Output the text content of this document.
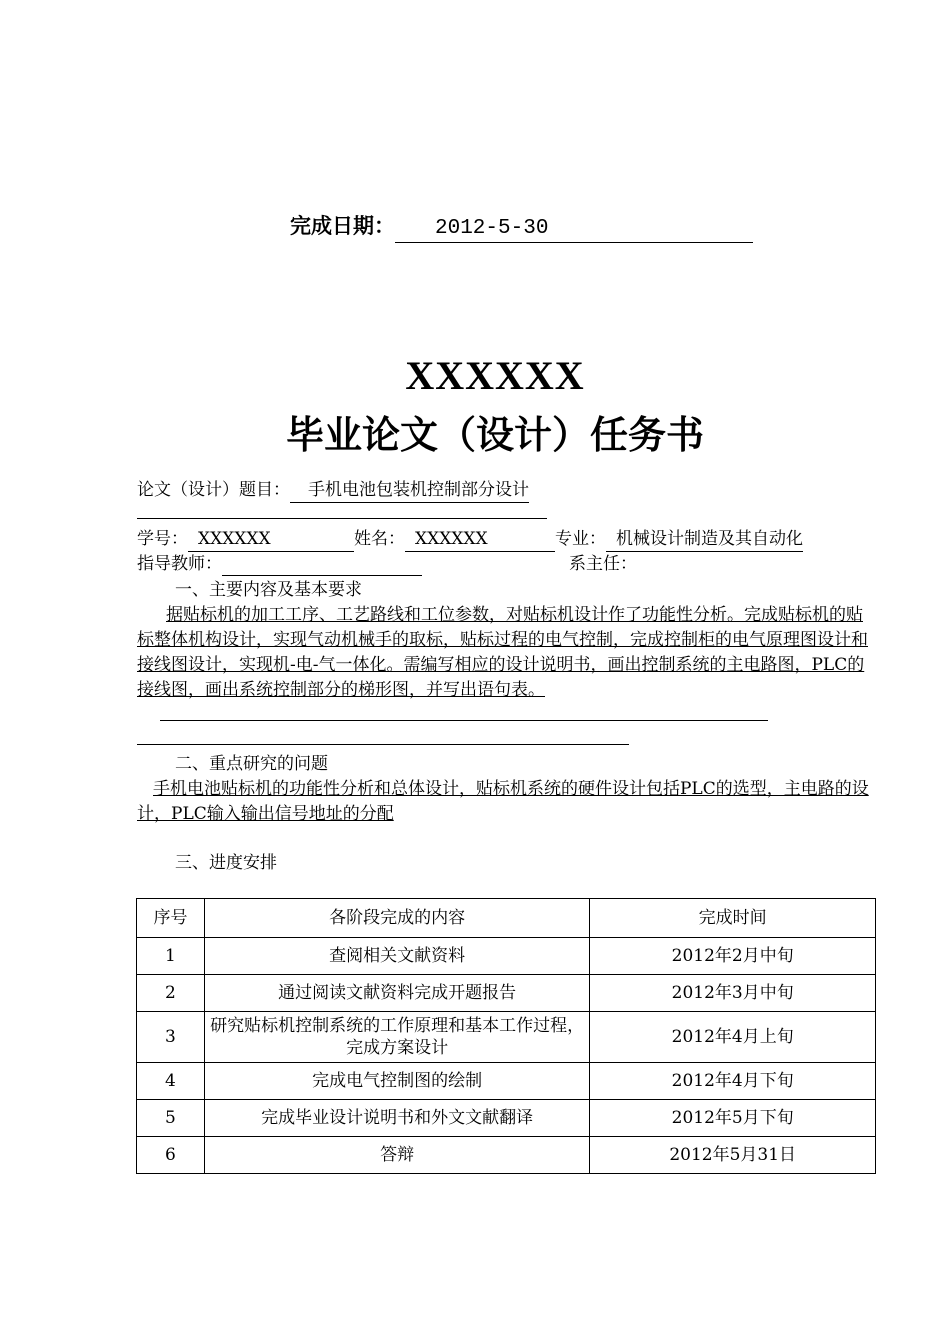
完成日期： 2012-5-30
XXXXXX
毕业论文（设计）任务书
论文（设计）题目： 手机电池包装机控制部分设计
学号： XXXXXX	姓名： XXXXXX	专业： 机械设计制造及其自动化
指导教师：	系主任：
一、主要内容及基本要求
据贴标机的加工工序、工艺路线和工位参数，对贴标机设计作了功能性分析。完成贴标机的贴标整体机构设计，实现气动机械手的取标，贴标过程的电气控制，完成控制柜的电气原理图设计和接线图设计，实现机-电-气一体化。需编写相应的设计说明书，画出控制系统的主电路图，PLC的接线图，画出系统控制部分的梯形图，并写出语句表。
二、重点研究的问题
手机电池贴标机的功能性分析和总体设计，贴标机系统的硬件设计包括PLC的选型，主电路的设计，PLC输入输出信号地址的分配
三、进度安排
序号	各阶段完成的内容	完成时间
1	查阅相关文献资料	2012年2月中旬
2	通过阅读文献资料完成开题报告	2012年3月中旬
3	研究贴标机控制系统的工作原理和基本工作过程，完成方案设计	2012年4月上旬
4	完成电气控制图的绘制	2012年4月下旬
5	完成毕业设计说明书和外文文献翻译	2012年5月下旬
6	答辩	2012年5月31日
